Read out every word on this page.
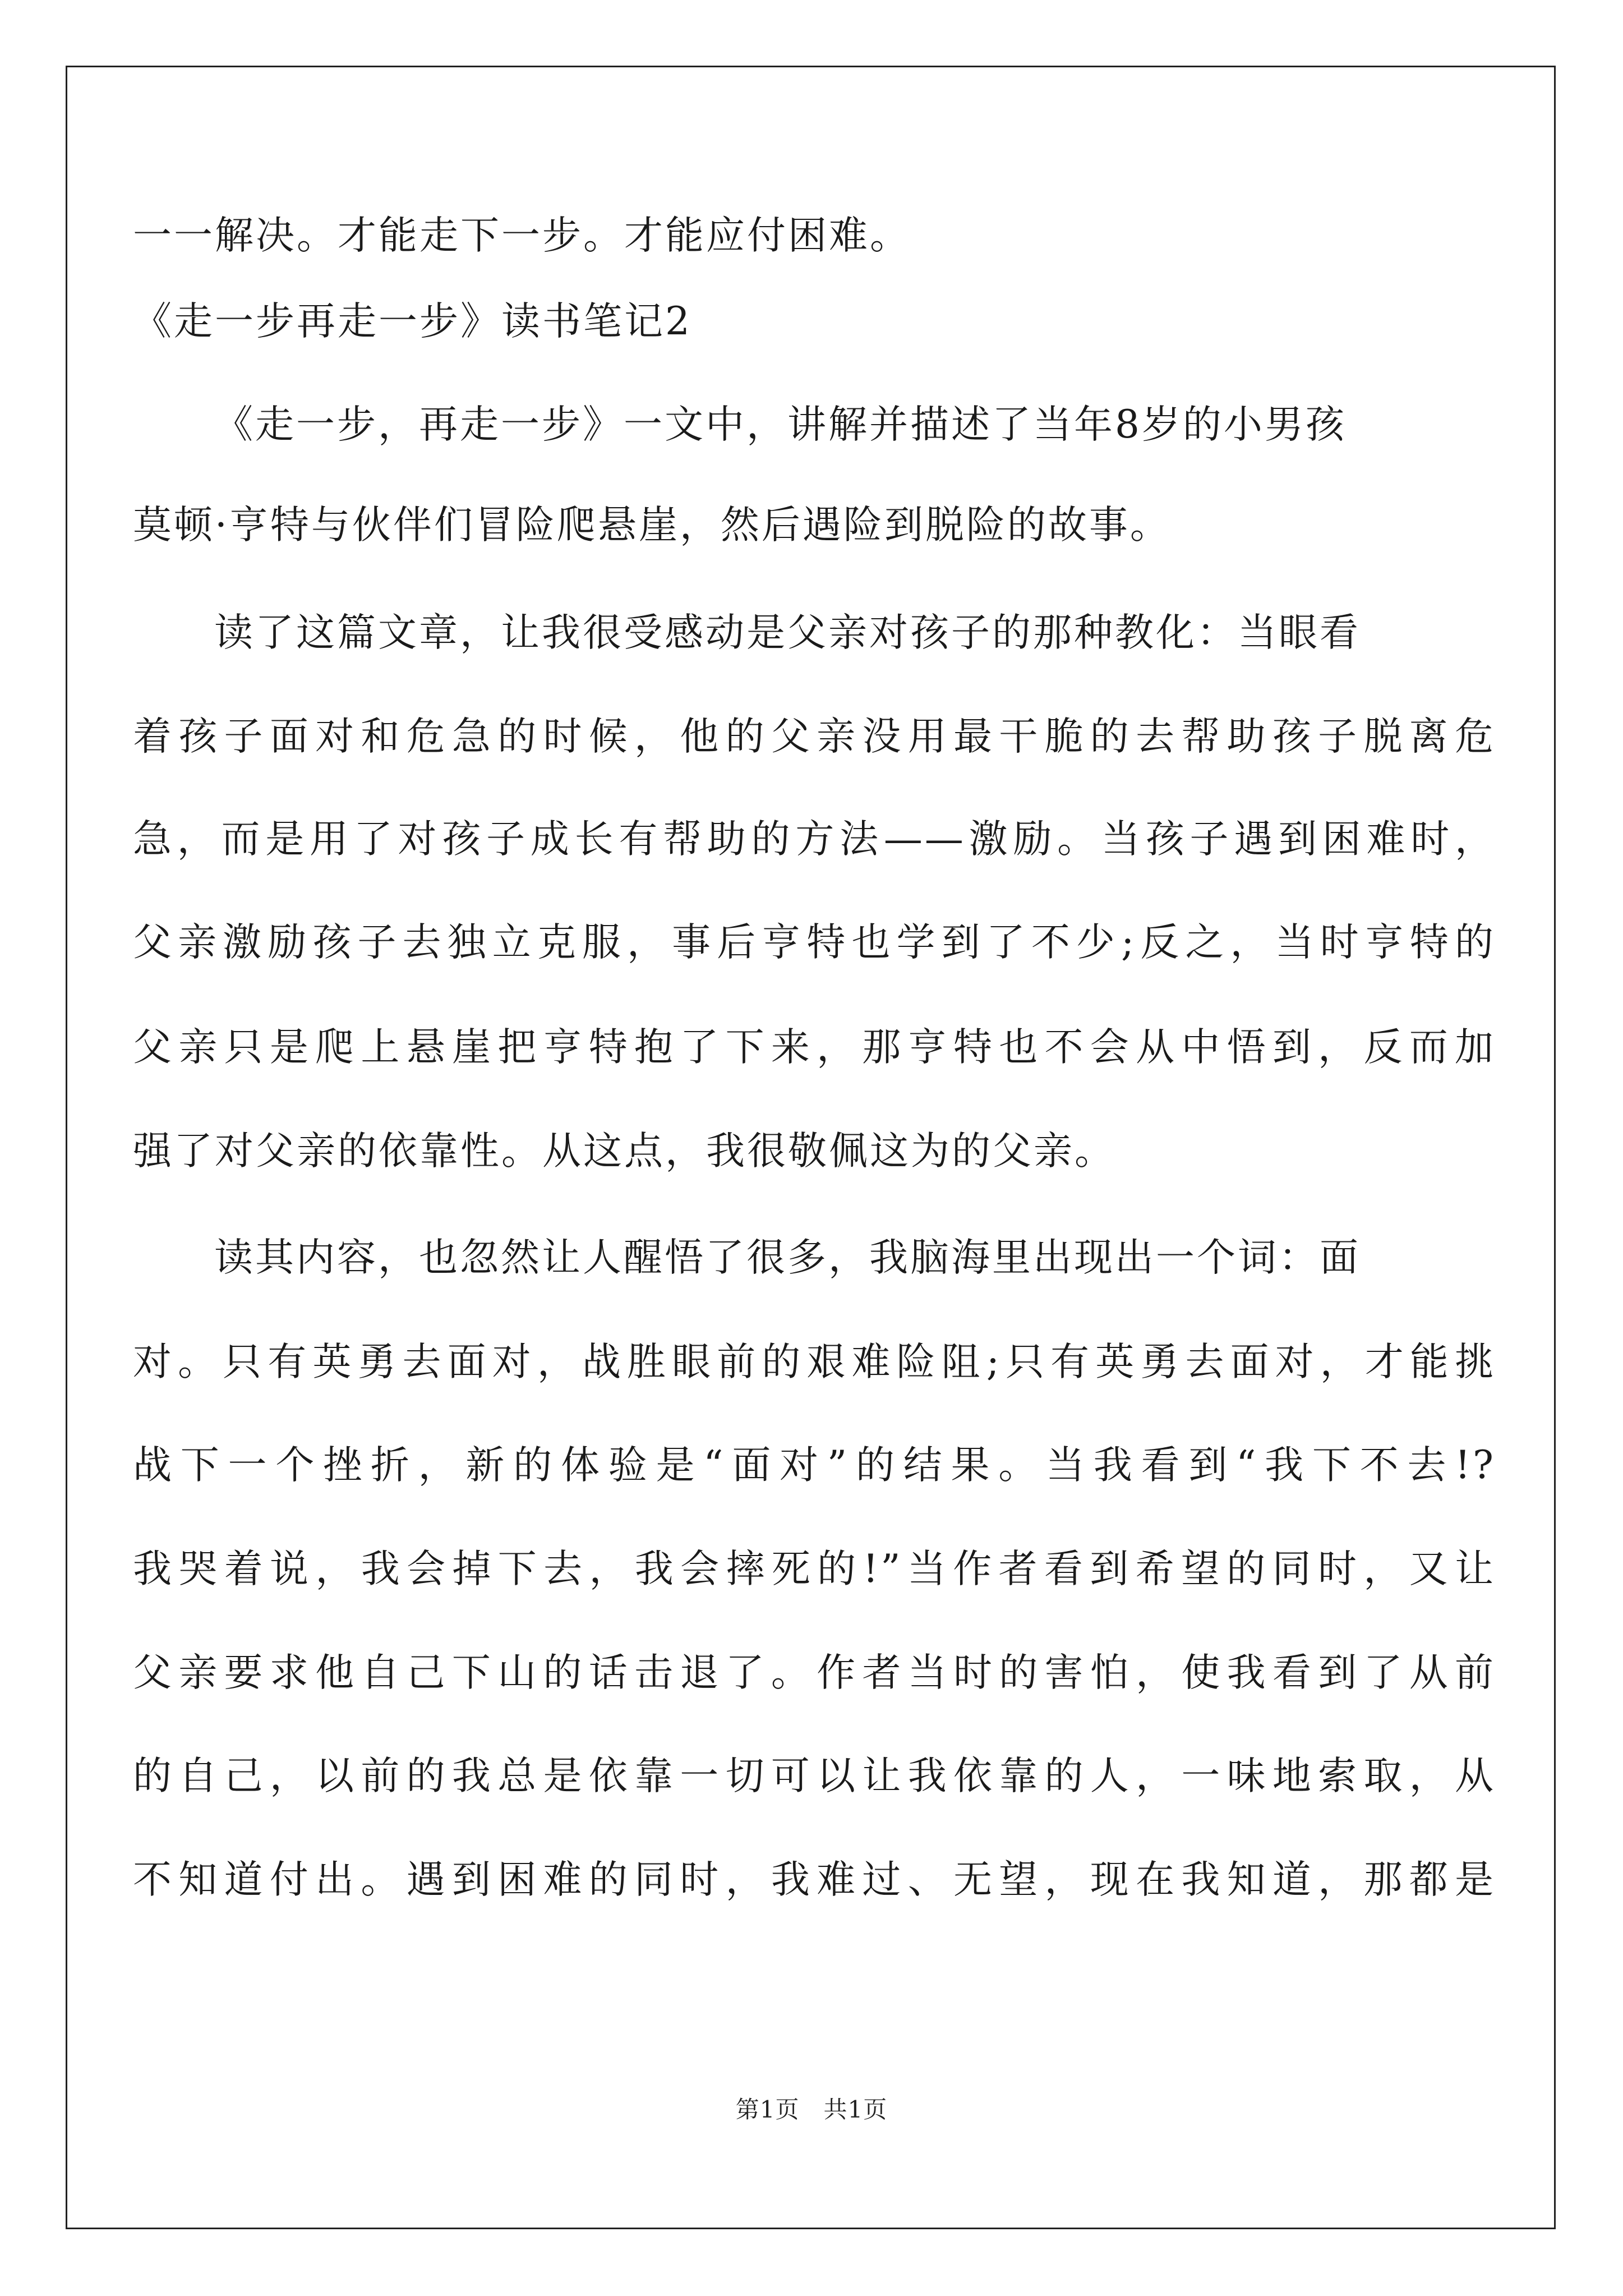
一一解决。才能走下一步。才能应付困难。
《走一步再走一步》读书笔记2
《走一步，再走一步》一文中，讲解并描述了当年8岁的小男孩
莫顿·亨特与伙伴们冒险爬悬崖，然后遇险到脱险的故事。
读了这篇文章，让我很受感动是父亲对孩子的那种教化：当眼看
着孩子面对和危急的时候，他的父亲没用最干脆的去帮助孩子脱离危
急，而是用了对孩子成长有帮助的方法——激励。当孩子遇到困难时，
父亲激励孩子去独立克服，事后亨特也学到了不少;反之，当时亨特的
父亲只是爬上悬崖把亨特抱了下来，那亨特也不会从中悟到，反而加
强了对父亲的依靠性。从这点，我很敬佩这为的父亲。
读其内容，也忽然让人醒悟了很多，我脑海里出现出一个词：面
对。只有英勇去面对，战胜眼前的艰难险阻;只有英勇去面对，才能挑
战下一个挫折，新的体验是“面对”的结果。当我看到“我下不去!?
我哭着说，我会掉下去，我会摔死的!”当作者看到希望的同时，又让
父亲要求他自己下山的话击退了。作者当时的害怕，使我看到了从前
的自己，以前的我总是依靠一切可以让我依靠的人，一味地索取，从
不知道付出。遇到困难的同时，我难过、无望，现在我知道，那都是
第1页　共1页
